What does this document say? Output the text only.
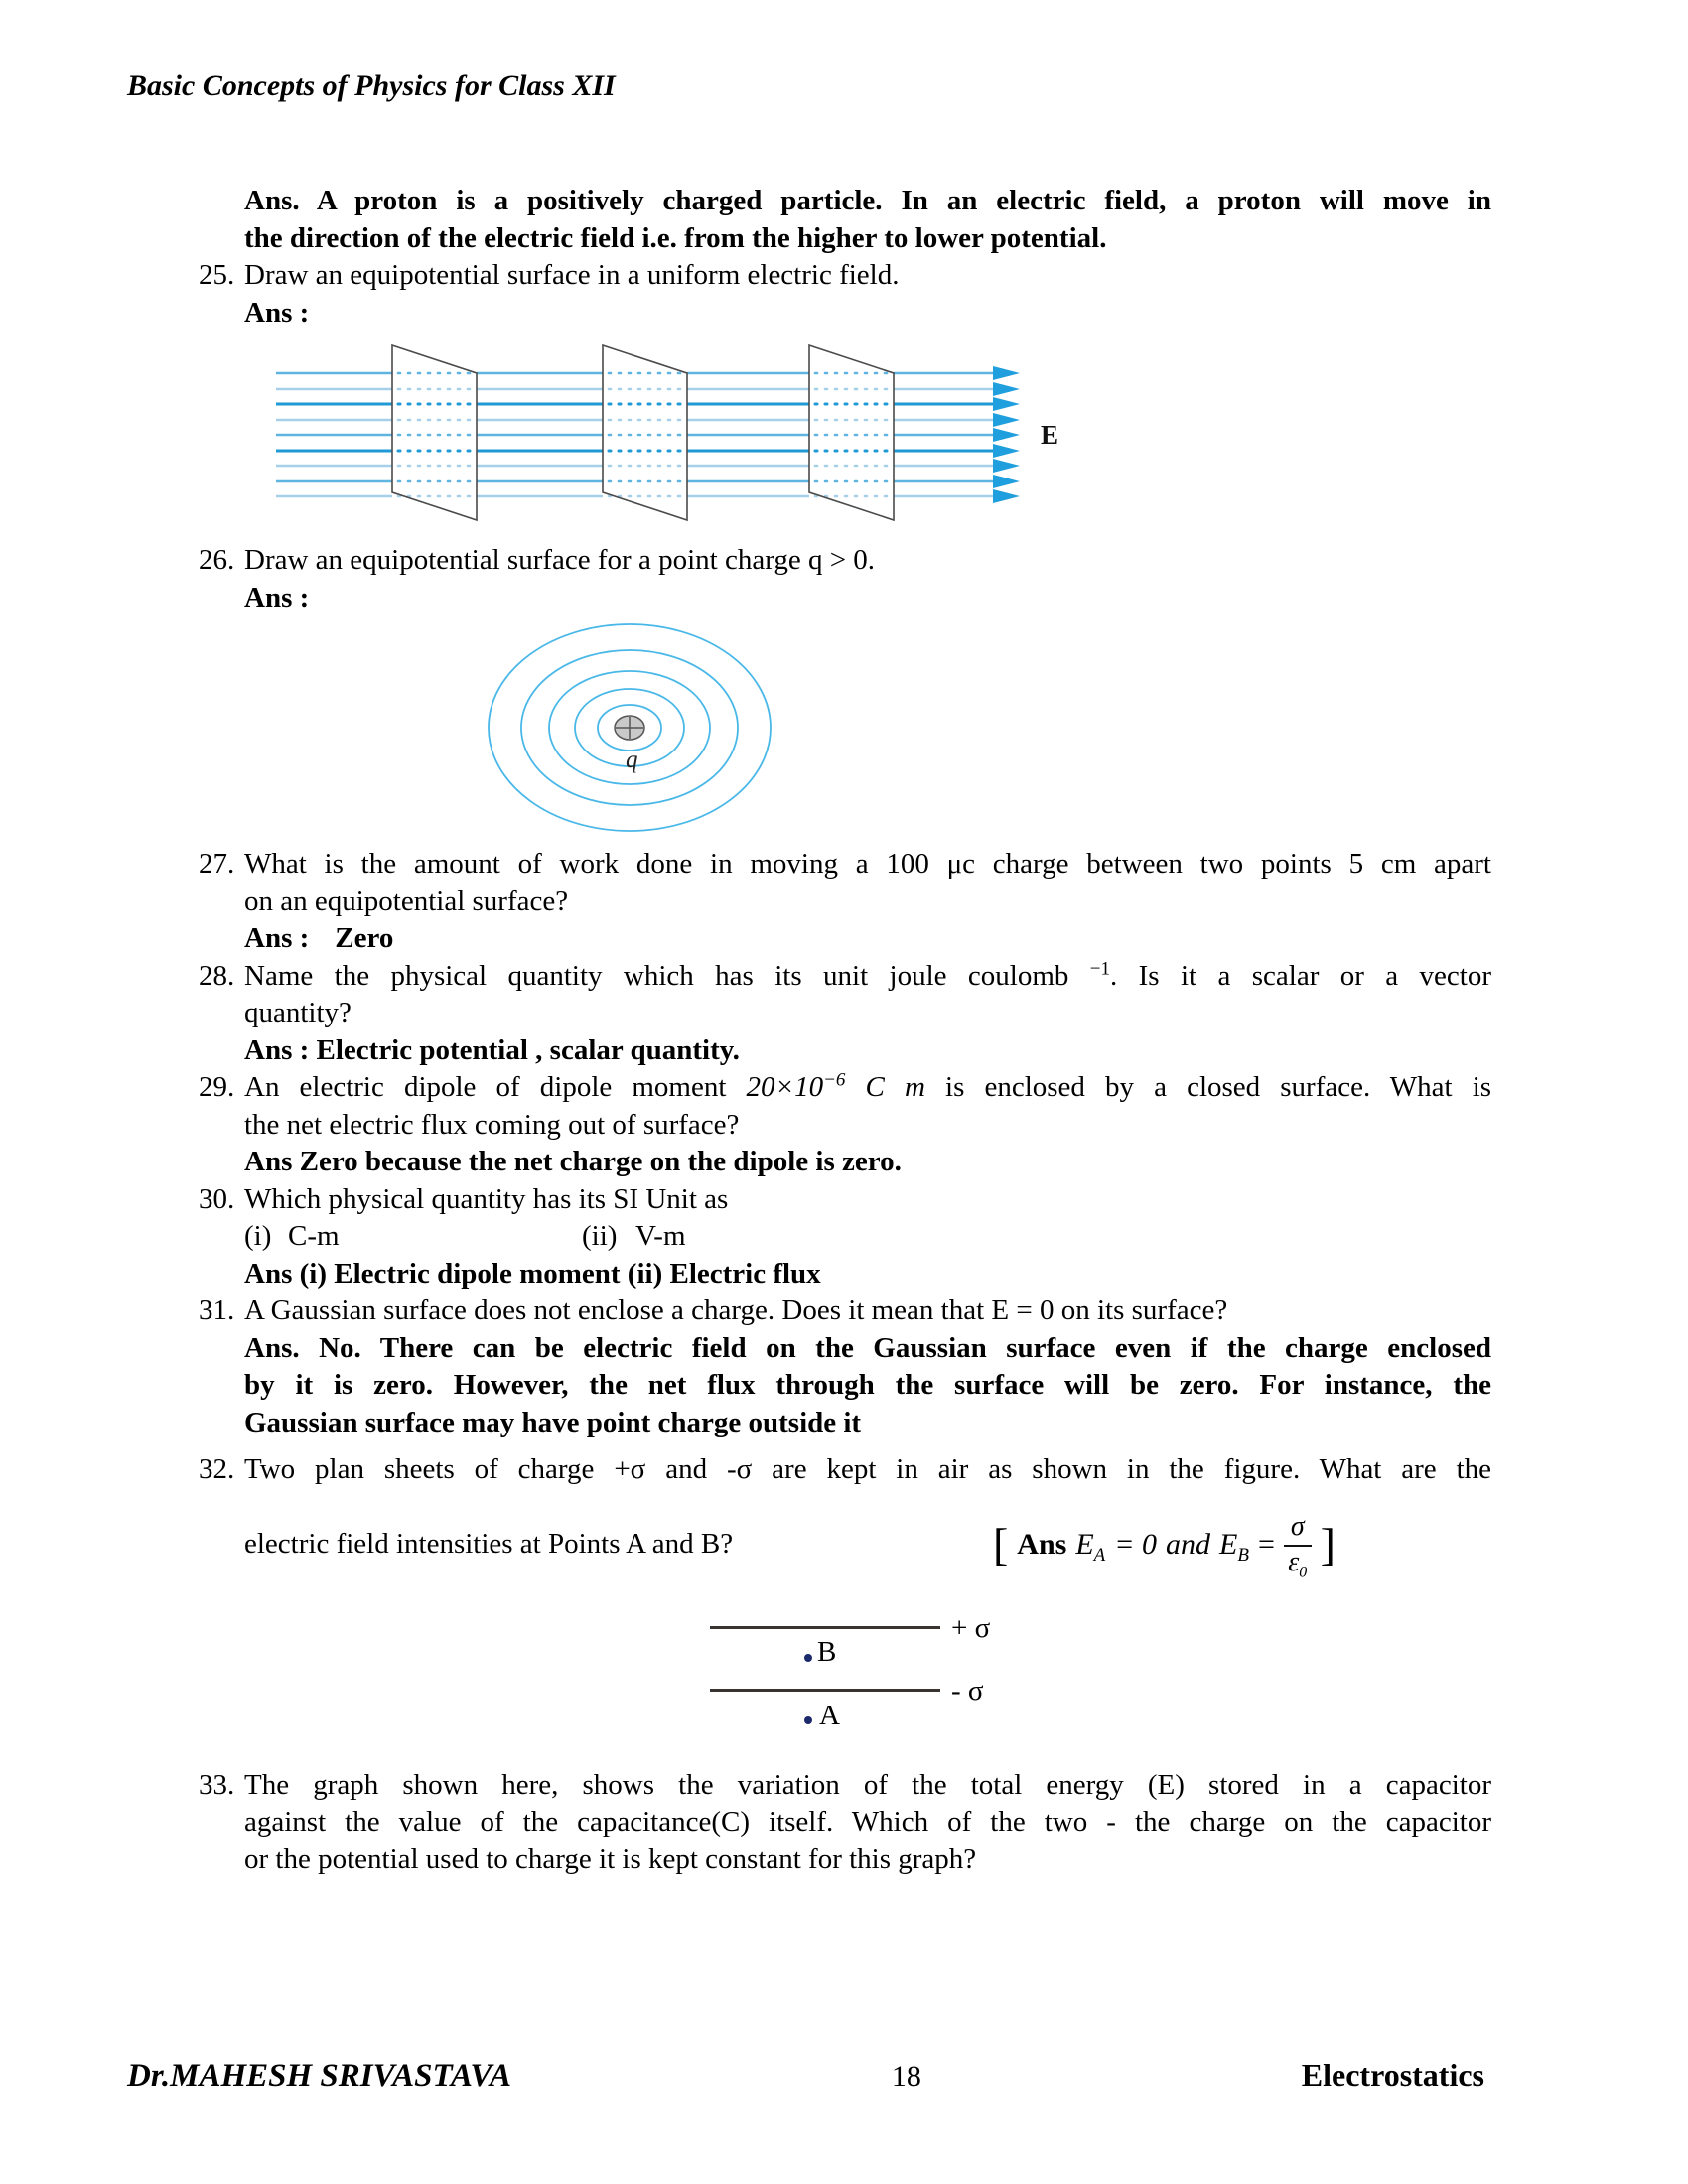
Basic Concepts of Physics for Class XII
Ans. A proton is a positively charged particle. In an electric field, a proton will move in
the direction of the electric field i.e. from the higher to lower potential.
25. Draw an equipotential surface in a uniform electric field.
Ans :
E
26. Draw an equipotential surface for a point charge q > 0.
Ans :
q
27. What is the amount of work done in moving a 100 μc charge between two points 5 cm apart
on an equipotential surface?
Ans : Zero
28. Name the physical quantity which has its unit joule coulomb $^{-1}$. Is it a scalar or a vector
quantity?
Ans : Electric potential , scalar quantity.
29. An electric dipole of dipole moment $20\times 10^{-6}$ C m is enclosed by a closed surface. What is
the net electric flux coming out of surface?
Ans Zero because the net charge on the dipole is zero.
30. Which physical quantity has its SI Unit as
(i) C-m	(ii) V-m
Ans (i) Electric dipole moment (ii) Electric flux
31. A Gaussian surface does not enclose a charge. Does it mean that E = 0 on its surface?
Ans. No. There can be electric field on the Gaussian surface even if the charge enclosed
by it is zero. However, the net flux through the surface will be zero. For instance, the
Gaussian surface may have point charge outside it
32. Two plan sheets of charge +σ and -σ are kept in air as shown in the figure. What are the
electric field intensities at Points A and B?	[ Ans $E_A = 0$ and $E_B = \frac{\sigma}{\varepsilon_0}$ ]
+ σ
B
- σ
A
33. The graph shown here, shows the variation of the total energy (E) stored in a capacitor
against the value of the capacitance(C) itself. Which of the two - the charge on the capacitor
or the potential used to charge it is kept constant for this graph?
Dr.MAHESH SRIVASTAVA	18	Electrostatics
